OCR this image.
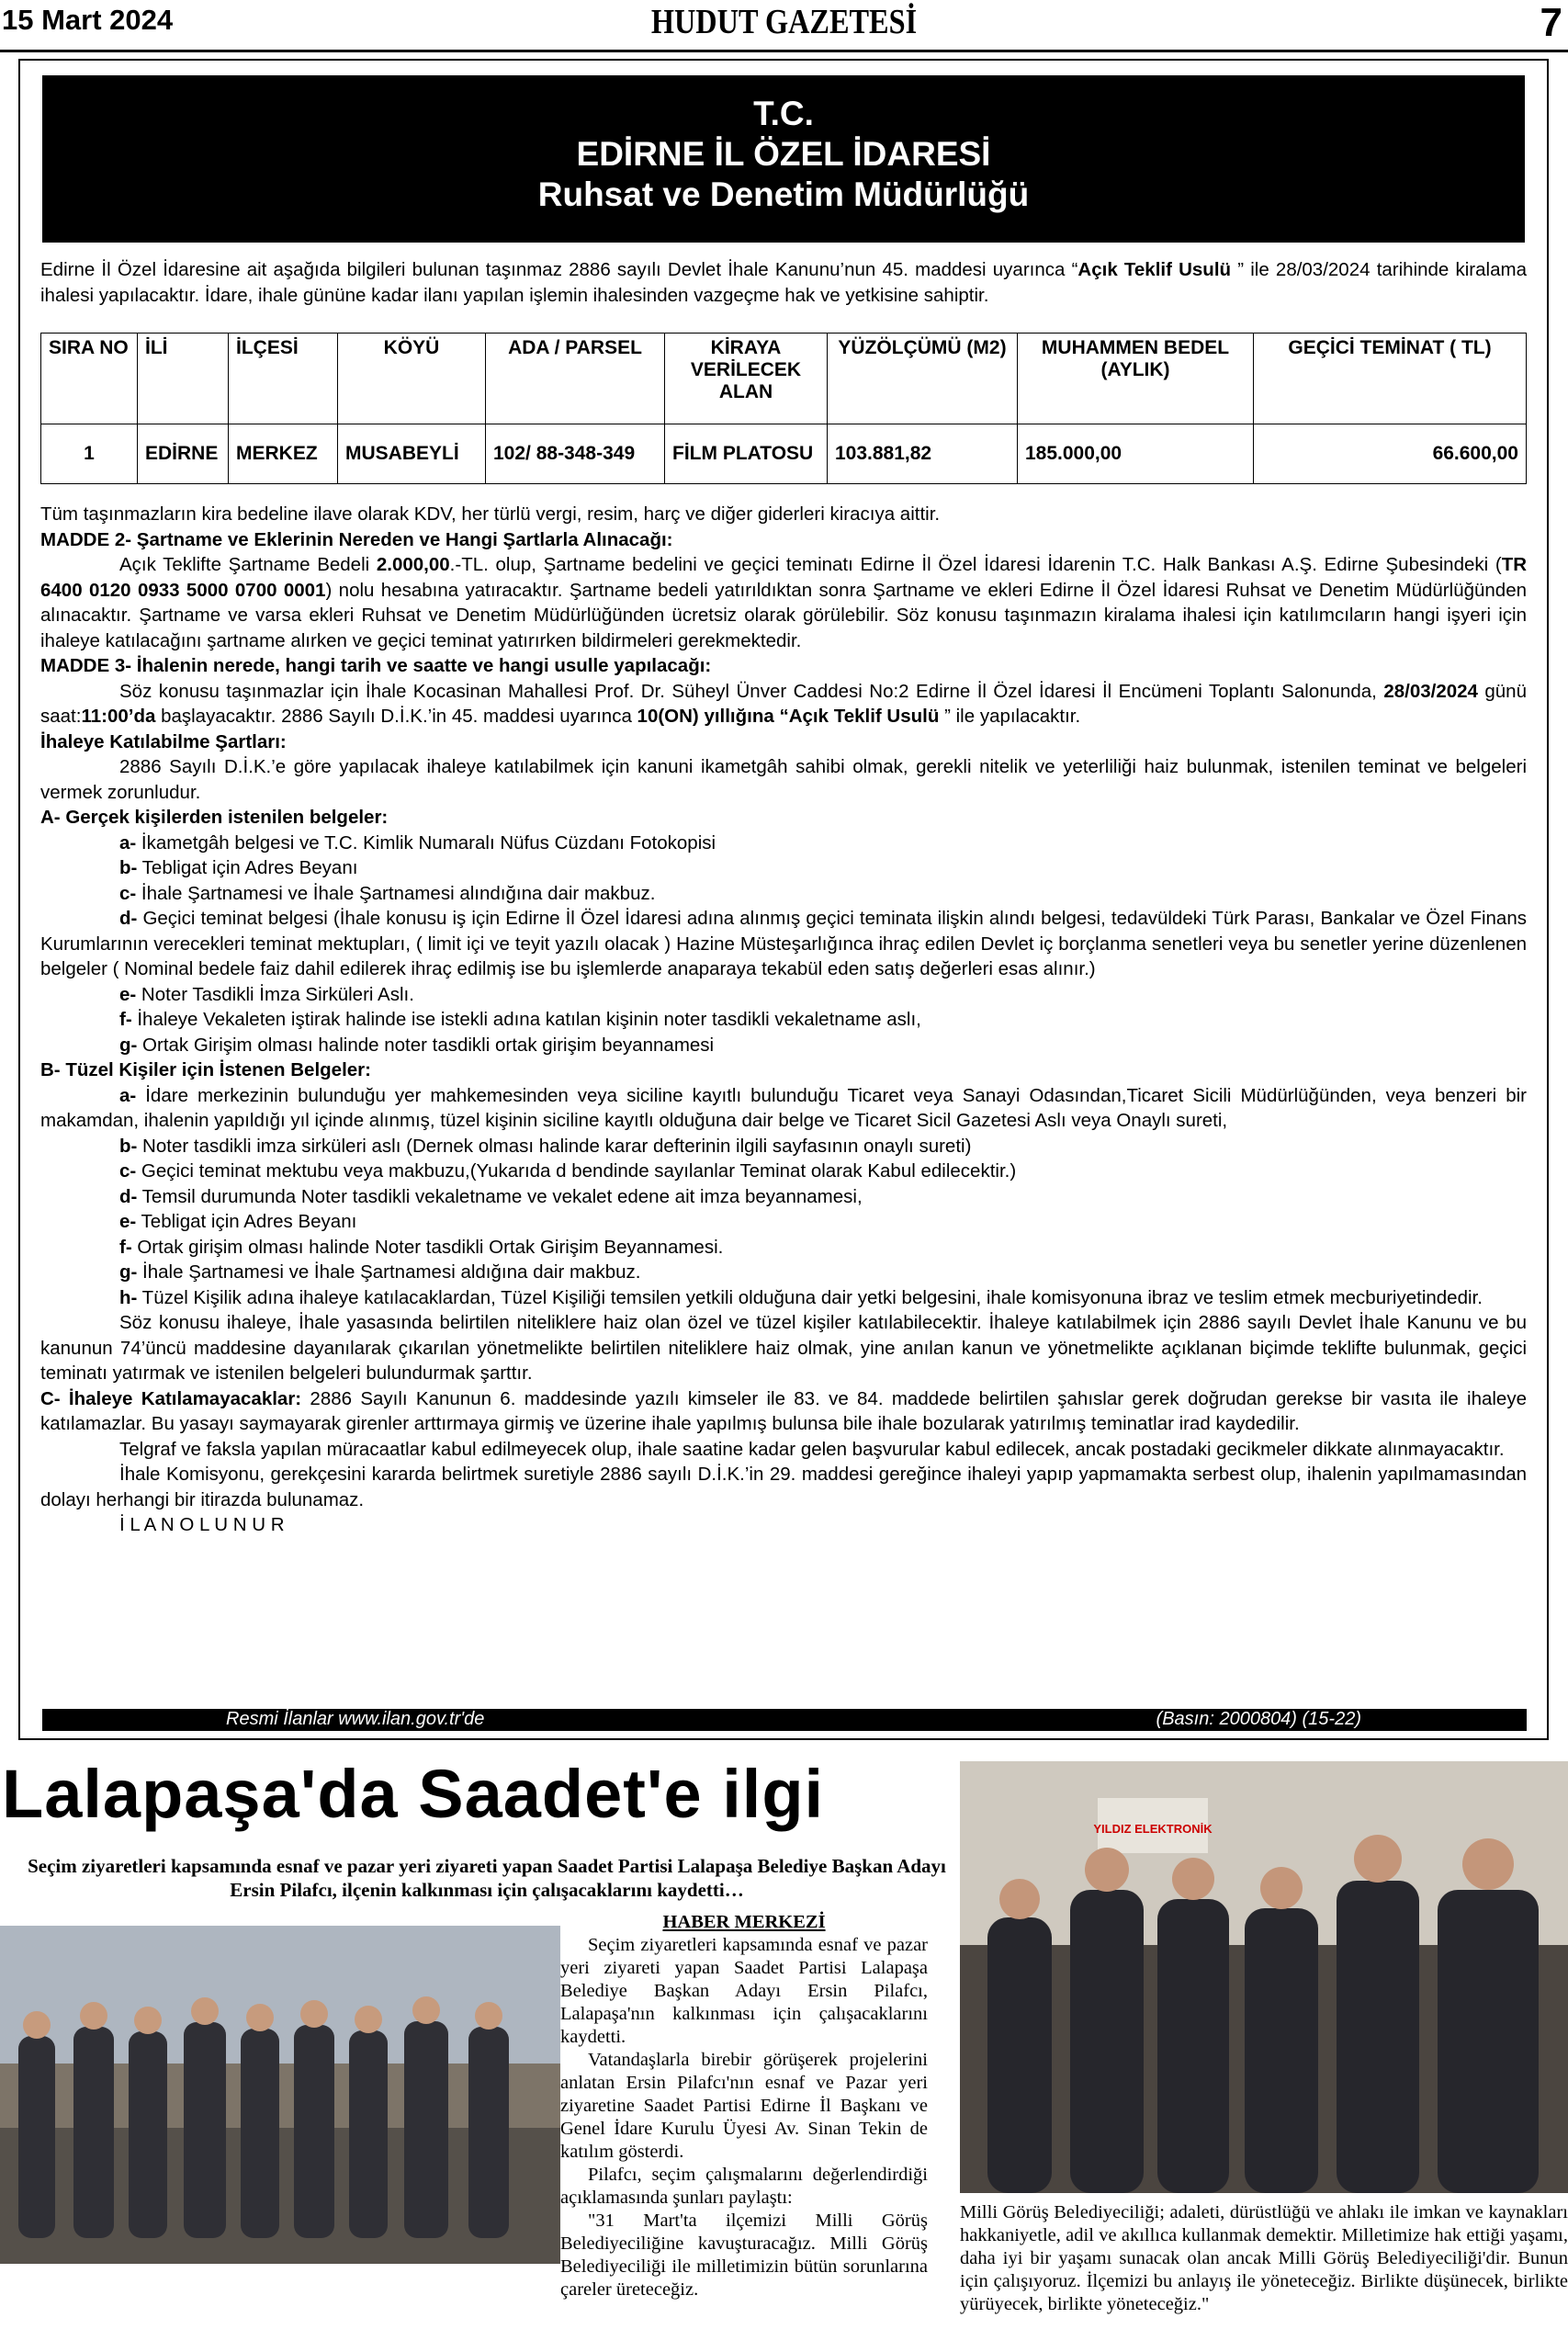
15 Mart 2024	HUDUT GAZETESİ	7
T.C.
EDİRNE İL ÖZEL İDARESİ
Ruhsat ve Denetim Müdürlüğü

Edirne İl Özel İdaresine ait aşağıda bilgileri bulunan taşınmaz 2886 sayılı Devlet İhale Kanunu’nun 45. maddesi uyarınca “Açık Teklif Usulü ” ile 28/03/2024 tarihinde kiralama ihalesi yapılacaktır. İdare, ihale gününe kadar ilanı yapılan işlemin ihalesinden vazgeçme hak ve yetkisine sahiptir.

SIRA NO	İLİ	İLÇESİ	KÖYÜ	ADA / PARSEL	KİRAYA VERİLECEK ALAN	YÜZÖLÇÜMÜ (M2)	MUHAMMEN BEDEL (AYLIK)	GEÇİCİ TEMİNAT ( TL)
1	EDİRNE	MERKEZ	MUSABEYLİ	102/ 88-348-349	FİLM PLATOSU	103.881,82	185.000,00	66.600,00

Tüm taşınmazların kira bedeline ilave olarak KDV, her türlü vergi, resim, harç ve diğer giderleri kiracıya aittir.

MADDE 2- Şartname ve Eklerinin Nereden ve Hangi Şartlarla Alınacağı:

Açık Teklifte Şartname Bedeli 2.000,00.-TL. olup, Şartname bedelini ve geçici teminatı Edirne İl Özel İdaresi İdarenin T.C. Halk Bankası A.Ş. Edirne Şubesindeki (TR 6400 0120 0933 5000 0700 0001) nolu hesabına yatıracaktır. Şartname bedeli yatırıldıktan sonra Şartname ve ekleri Edirne İl Özel İdaresi Ruhsat ve Denetim Müdürlüğünden alınacaktır. Şartname ve varsa ekleri Ruhsat ve Denetim Müdürlüğünden ücretsiz olarak görülebilir. Söz konusu taşınmazın kiralama ihalesi için katılımcıların hangi işyeri için ihaleye katılacağını şartname alırken ve geçici teminat yatırırken bildirmeleri gerekmektedir.

MADDE 3- İhalenin nerede, hangi tarih ve saatte ve hangi usulle yapılacağı:

Söz konusu taşınmazlar için İhale Kocasinan Mahallesi Prof. Dr. Süheyl Ünver Caddesi No:2 Edirne İl Özel İdaresi İl Encümeni Toplantı Salonunda, 28/03/2024 günü saat:11:00’da başlayacaktır. 2886 Sayılı D.İ.K.’in 45. maddesi uyarınca 10(ON) yıllığına “Açık Teklif Usulü ” ile yapılacaktır.

İhaleye Katılabilme Şartları:

2886 Sayılı D.İ.K.’e göre yapılacak ihaleye katılabilmek için kanuni ikametgâh sahibi olmak, gerekli nitelik ve yeterliliği haiz bulunmak, istenilen teminat ve belgeleri vermek zorunludur.

A- Gerçek kişilerden istenilen belgeler:

a- İkametgâh belgesi ve T.C. Kimlik Numaralı Nüfus Cüzdanı Fotokopisi

b- Tebligat için Adres Beyanı

c- İhale Şartnamesi ve İhale Şartnamesi alındığına dair makbuz.

d- Geçici teminat belgesi (İhale konusu iş için Edirne İl Özel İdaresi adına alınmış geçici teminata ilişkin alındı belgesi, tedavüldeki Türk Parası, Bankalar ve Özel Finans Kurumlarının verecekleri teminat mektupları, ( limit içi ve teyit yazılı olacak ) Hazine Müsteşarlığınca ihraç edilen Devlet iç borçlanma senetleri veya bu senetler yerine düzenlenen belgeler ( Nominal bedele faiz dahil edilerek ihraç edilmiş ise bu işlemlerde anaparaya tekabül eden satış değerleri esas alınır.)

e- Noter Tasdikli İmza Sirküleri Aslı.

f- İhaleye Vekaleten iştirak halinde ise istekli adına katılan kişinin noter tasdikli vekaletname aslı,

g- Ortak Girişim olması halinde noter tasdikli ortak girişim beyannamesi

B- Tüzel Kişiler için İstenen Belgeler:

a- İdare merkezinin bulunduğu yer mahkemesinden veya siciline kayıtlı bulunduğu Ticaret veya Sanayi Odasından,Ticaret Sicili Müdürlüğünden, veya benzeri bir makamdan, ihalenin yapıldığı yıl içinde alınmış, tüzel kişinin siciline kayıtlı olduğuna dair belge ve Ticaret Sicil Gazetesi Aslı veya Onaylı sureti,

b- Noter tasdikli imza sirküleri aslı (Dernek olması halinde karar defterinin ilgili sayfasının onaylı sureti)

c- Geçici teminat mektubu veya makbuzu,(Yukarıda d bendinde sayılanlar Teminat olarak Kabul edilecektir.)

d- Temsil durumunda Noter tasdikli vekaletname ve vekalet edene ait imza beyannamesi,

e- Tebligat için Adres Beyanı

f- Ortak girişim olması halinde Noter tasdikli Ortak Girişim Beyannamesi.

g- İhale Şartnamesi ve İhale Şartnamesi aldığına dair makbuz.

h- Tüzel Kişilik adına ihaleye katılacaklardan, Tüzel Kişiliği temsilen yetkili olduğuna dair yetki belgesini, ihale komisyonuna ibraz ve teslim etmek mecburiyetindedir.

Söz konusu ihaleye, İhale yasasında belirtilen niteliklere haiz olan özel ve tüzel kişiler katılabilecektir. İhaleye katılabilmek için 2886 sayılı Devlet İhale Kanunu ve bu kanunun 74’üncü maddesine dayanılarak çıkarılan yönetmelikte belirtilen niteliklere haiz olmak, yine anılan kanun ve yönetmelikte açıklanan biçimde teklifte bulunmak, geçici teminatı yatırmak ve istenilen belgeleri bulundurmak şarttır.

C- İhaleye Katılamayacaklar: 2886 Sayılı Kanunun 6. maddesinde yazılı kimseler ile 83. ve 84. maddede belirtilen şahıslar gerek doğrudan gerekse bir vasıta ile ihaleye katılamazlar. Bu yasayı saymayarak girenler arttırmaya girmiş ve üzerine ihale yapılmış bulunsa bile ihale bozularak yatırılmış teminatlar irad kaydedilir.

Telgraf ve faksla yapılan müracaatlar kabul edilmeyecek olup, ihale saatine kadar gelen başvurular kabul edilecek, ancak postadaki gecikmeler dikkate alınmayacaktır.

İhale Komisyonu, gerekçesini kararda belirtmek suretiyle 2886 sayılı D.İ.K.’in 29. maddesi gereğince ihaleyi yapıp yapmamakta serbest olup, ihalenin yapılmamasından dolayı herhangi bir itirazda bulunamaz.

İ L A N O L U N U R

Resmi İlanlar www.ilan.gov.tr'de	(Basın: 2000804) (15-22)
Lalapaşa'da Saadet'e ilgi
Seçim ziyaretleri kapsamında esnaf ve pazar yeri ziyareti yapan Saadet Partisi Lalapaşa Belediye Başkan Adayı Ersin Pilafcı, ilçenin kalkınması için çalışacaklarını kaydetti…
YILDIZ ELEKTRONİK

HABER MERKEZİ

Seçim ziyaretleri kapsamında esnaf ve pazar yeri ziyareti yapan Saadet Partisi Lalapaşa Belediye Başkan Adayı Ersin Pilafcı, Lalapaşa'nın kalkınması için çalışacaklarını kaydetti.

Vatandaşlarla birebir görüşerek projelerini anlatan Ersin Pilafcı'nın esnaf ve Pazar yeri ziyaretine Saadet Partisi Edirne İl Başkanı ve Genel İdare Kurulu Üyesi Av. Sinan Tekin de katılım gösterdi.

Pilafcı, seçim çalışmalarını değerlendirdiği açıklamasında şunları paylaştı:

"31 Mart'ta ilçemizi Milli Görüş Belediyeciliğine kavuşturacağız. Milli Görüş Belediyeciliği ile milletimizin bütün sorunlarına çareler üreteceğiz.

Milli Görüş Belediyeciliği; adaleti, dürüstlüğü ve ahlakı ile imkan ve kaynakları hakkaniyetle, adil ve akıllıca kullanmak demektir. Milletimize hak ettiği yaşamı, daha iyi bir yaşamı sunacak olan ancak Milli Görüş Belediyeciliği'dir. Bunun için çalışıyoruz. İlçemizi bu anlayış ile yöneteceğiz. Birlikte düşünecek, birlikte yürüyecek, birlikte yöneteceğiz."
